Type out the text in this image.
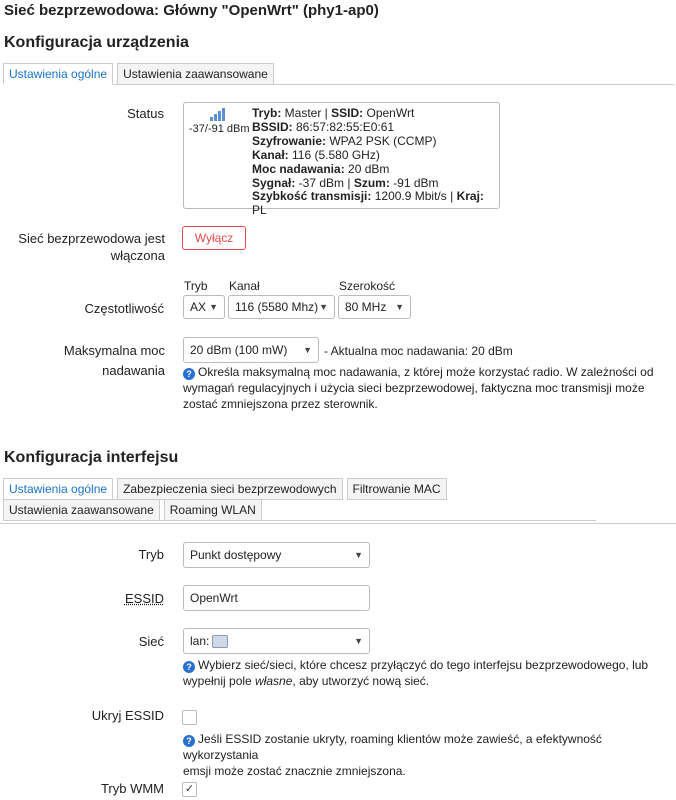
Sieć bezprzewodowa: Główny "OpenWrt" (phy1-ap0)
Konfiguracja urządzenia
Ustawienia ogólne	Ustawienia zaawansowane
Status
-37/-91 dBm
Tryb: Master | SSID: OpenWrt
BSSID: 86:57:82:55:E0:61
Szyfrowanie: WPA2 PSK (CCMP)
Kanał: 116 (5.580 GHz)
Moc nadawania: 20 dBm
Sygnał: -37 dBm | Szum: -91 dBm
Szybkość transmisji: 1200.9 Mbit/s | Kraj: PL
Sieć bezprzewodowa jest
włączona
Wyłącz
Tryb Kanał	Szerokość
Częstotliwość AX ▼ 116 (5580 Mhz) ▼ 80 MHz ▼
Maksymalna moc nadawania
20 dBm (100 mW) ▼ - Aktualna moc nadawania: 20 dBm
? Określa maksymalną moc nadawania, z której może korzystać radio. W zależności od
wymagań regulacyjnych i użycia sieci bezprzewodowej, faktyczna moc transmisji może
zostać zmniejszona przez sterownik.
Konfiguracja interfejsu
Ustawienia ogólne	Zabezpieczenia sieci bezprzewodowych	Filtrowanie MAC
Ustawienia zaawansowane	Roaming WLAN
Tryb Punkt dostępowy	▼
ESSID	OpenWrt
Sieć lan:	▼
? Wybierz sieć/sieci, które chcesz przyłączyć do tego interfejsu bezprzewodowego, lub
wypełnij pole własne, aby utworzyć nową sieć.
Ukryj ESSID
? Jeśli ESSID zostanie ukryty, roaming klientów może zawieść, a efektywność wykorzystania
emsji może zostać znacznie zmniejszona.
Tryb WMM ✓
